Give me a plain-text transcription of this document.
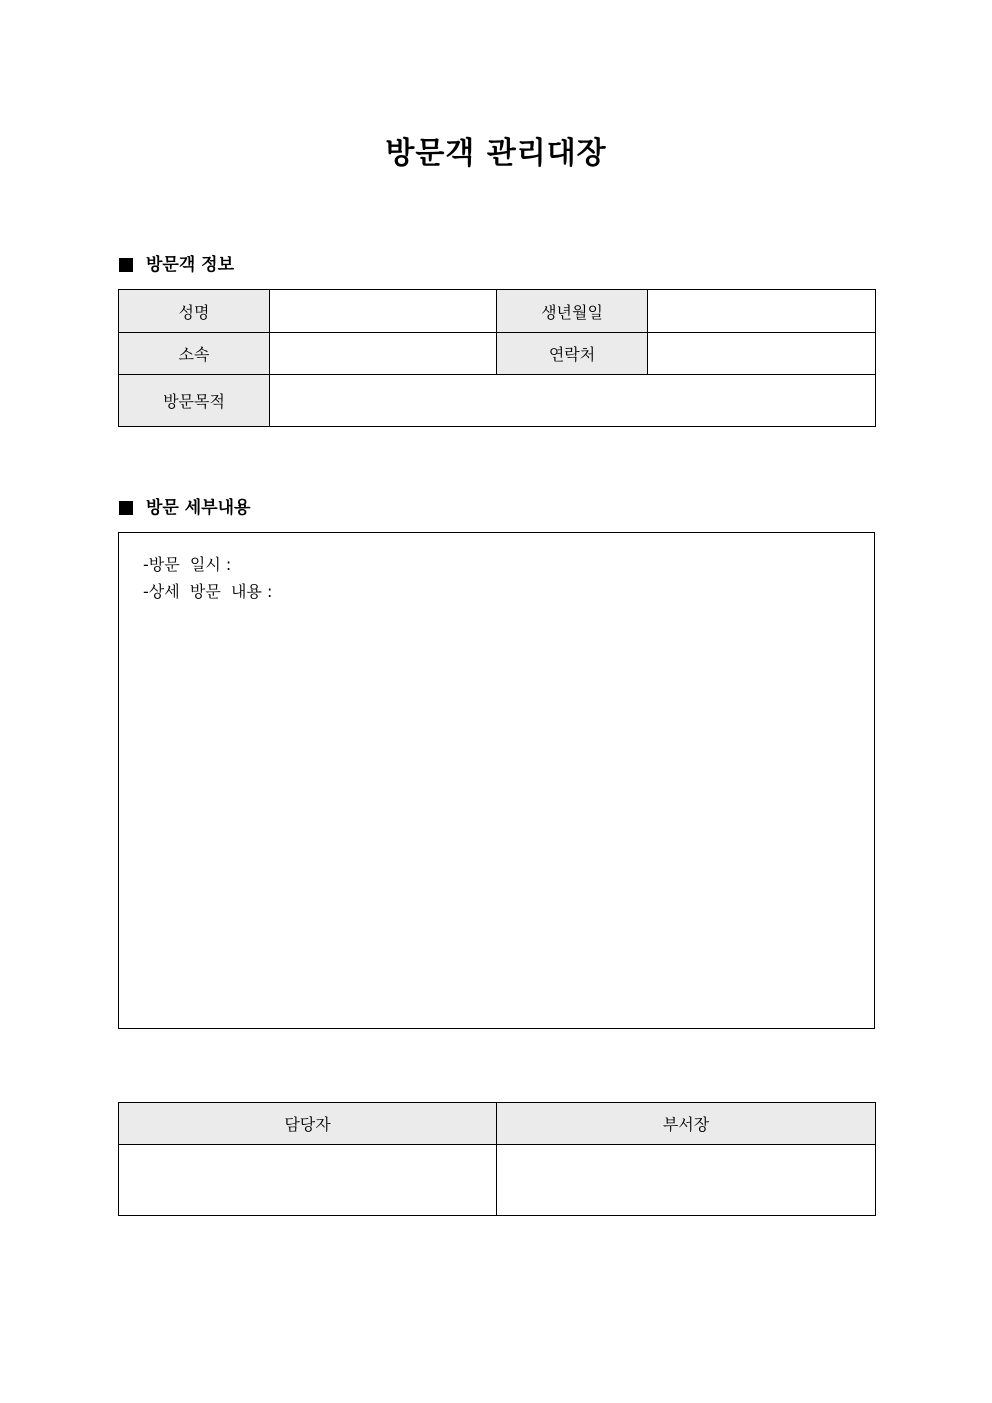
방문객 관리대장
방문객 정보
성명		생년월일	
소속		연락처	
방문목적			
방문 세부내용
-방문  일시 :
-상세  방문  내용 :
담당자	부서장
